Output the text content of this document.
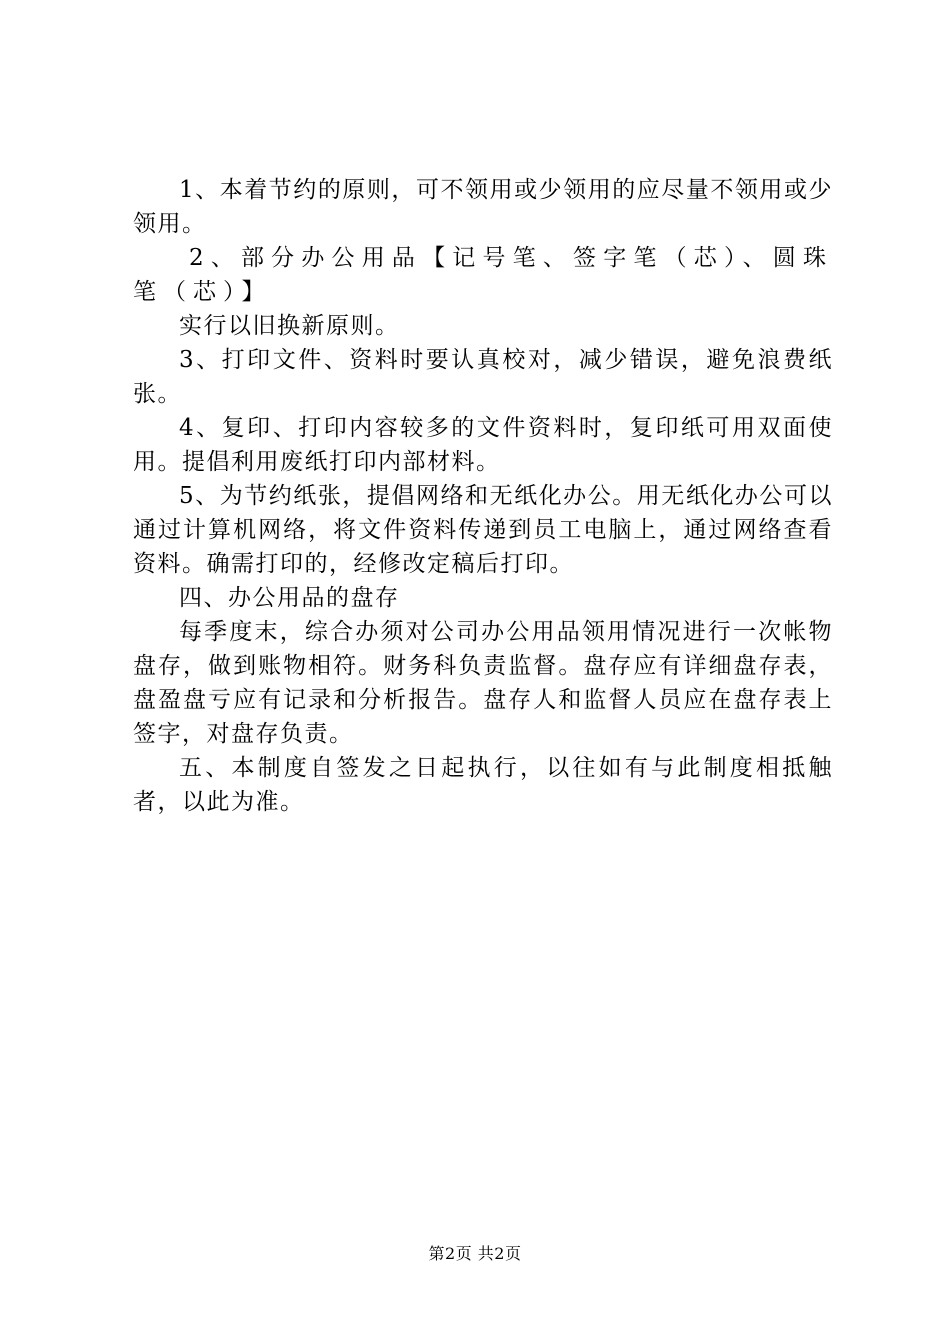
1、本着节约的原则，可不领用或少领用的应尽量不领用或少领用。

2、部分办公用品【记号笔、签字笔（芯）、圆珠笔（芯）】

实行以旧换新原则。

3、打印文件、资料时要认真校对，减少错误，避免浪费纸张。

4、复印、打印内容较多的文件资料时，复印纸可用双面使用。提倡利用废纸打印内部材料。

5、为节约纸张，提倡网络和无纸化办公。用无纸化办公可以通过计算机网络，将文件资料传递到员工电脑上，通过网络查看资料。确需打印的，经修改定稿后打印。

四、办公用品的盘存

每季度末，综合办须对公司办公用品领用情况进行一次帐物盘存，做到账物相符。财务科负责监督。盘存应有详细盘存表，盘盈盘亏应有记录和分析报告。盘存人和监督人员应在盘存表上签字，对盘存负责。

五、本制度自签发之日起执行，以往如有与此制度相抵触者，以此为准。

第2页 共2页
